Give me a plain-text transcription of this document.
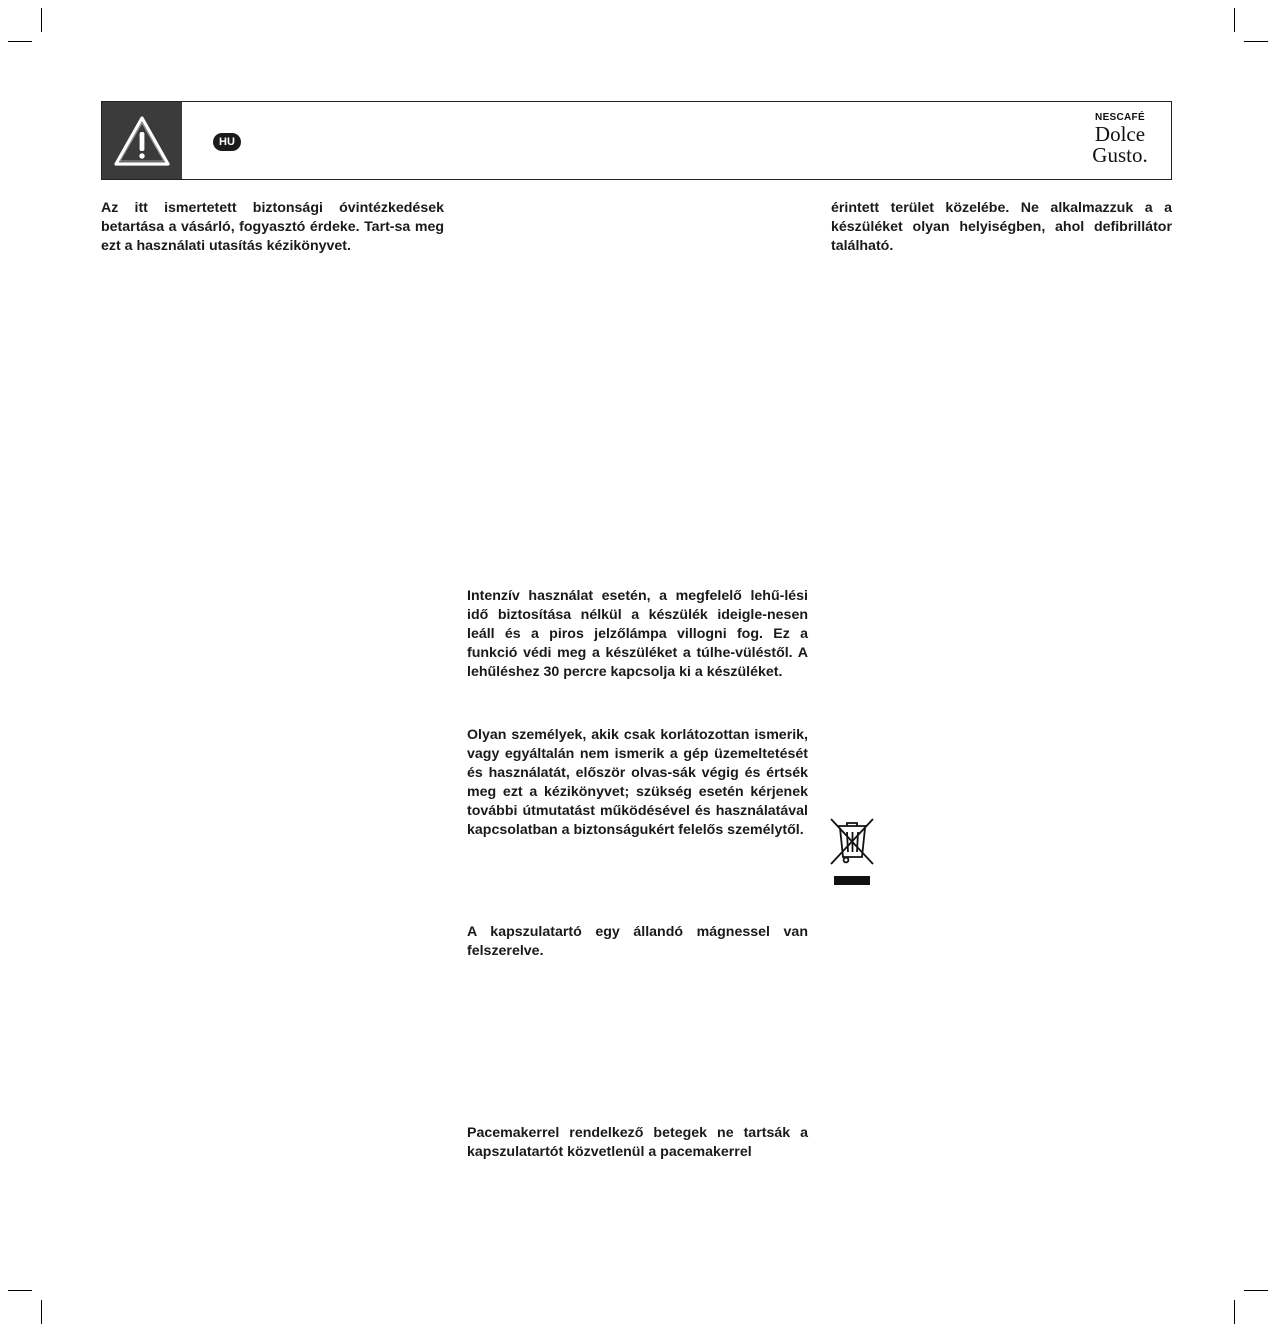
HU
NESCAFÉ
Dolce
Gusto.

Az itt ismertetett biztonsági óvintézkedések betartása a vásárló, fogyasztó érdeke. Tart-sa meg ezt a használati utasítás kézikönyvet.

Intenzív használat esetén, a megfelelő lehű-lési idő biztosítása nélkül a készülék ideigle-nesen leáll és a piros jelzőlámpa villogni fog. Ez a funkció védi meg a készüléket a túlhe-vüléstől. A lehűléshez 30 percre kapcsolja ki a készüléket.

Olyan személyek, akik csak korlátozottan ismerik, vagy egyáltalán nem ismerik a gép üzemeltetését és használatát, először olvas-sák végig és értsék meg ezt a kézikönyvet; szükség esetén kérjenek további útmutatást működésével és használatával kapcsolatban a biztonságukért felelős személytől.

A kapszulatartó egy állandó mágnessel van felszerelve.

Pacemakerrel rendelkező betegek ne tartsák a kapszulatartót közvetlenül a pacemakerrel

érintett terület közelébe. Ne alkalmazzuk a a készüléket olyan helyiségben, ahol defibrillátor található.
